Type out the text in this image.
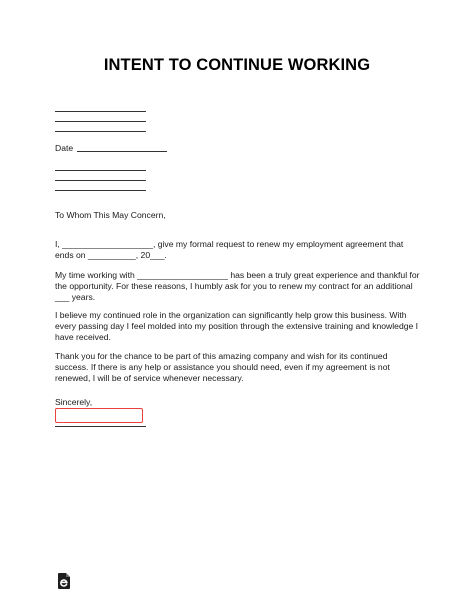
INTENT TO CONTINUE WORKING
Date
To Whom This May Concern,
I, ___________________, give my formal request to renew my employment agreement that
ends on __________, 20___.
My time working with ___________________ has been a truly great experience and thankful for
the opportunity. For these reasons, I humbly ask for you to renew my contract for an additional
___ years.
I believe my continued role in the organization can significantly help grow this business. With
every passing day I feel molded into my position through the extensive training and knowledge I
have received.
Thank you for the chance to be part of this amazing company and wish for its continued
success. If there is any help or assistance you should need, even if my agreement is not
renewed, I will be of service whenever necessary.
Sincerely,
